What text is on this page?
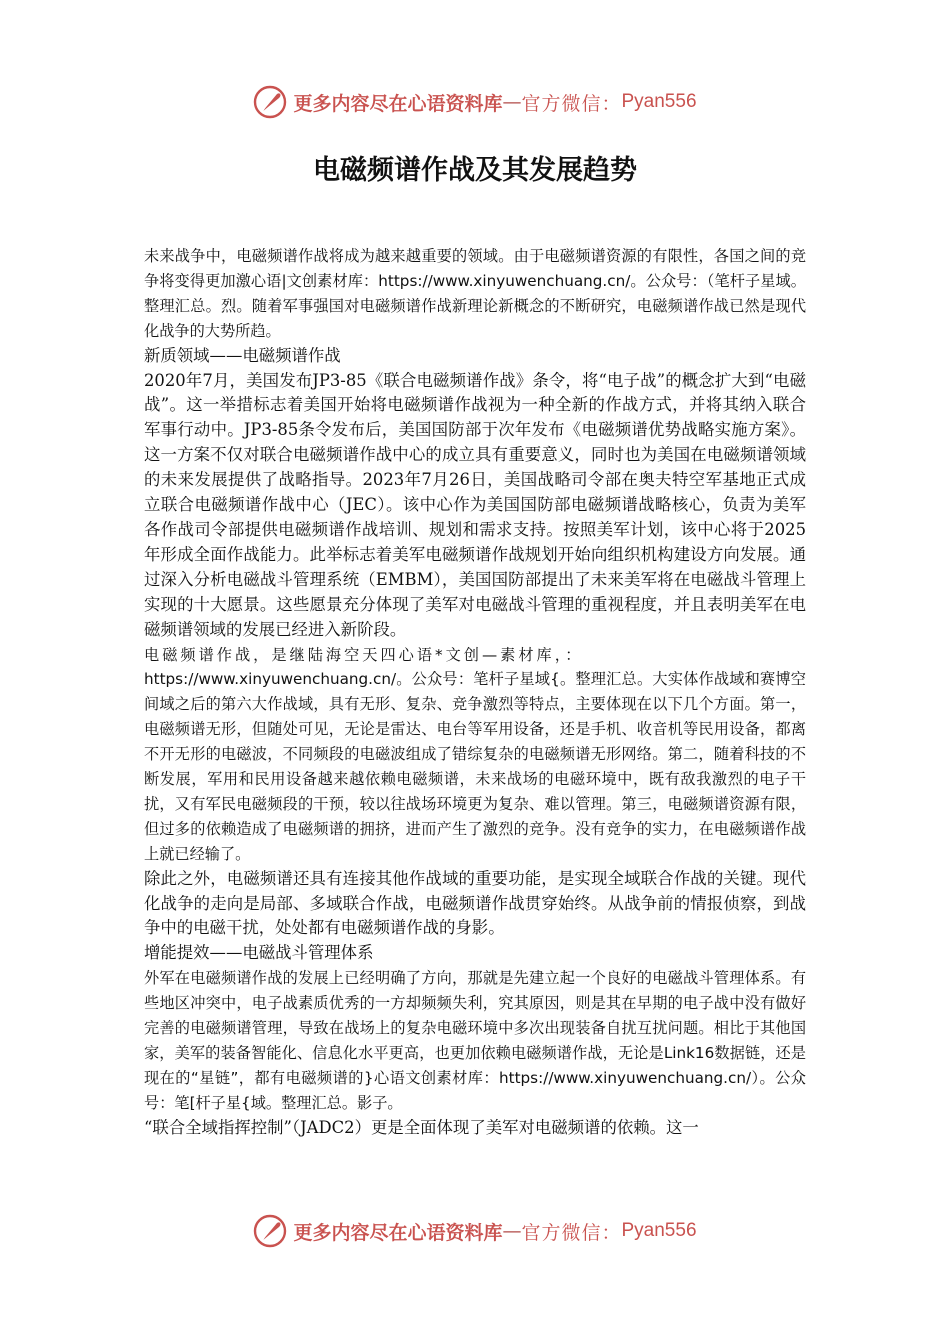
更多内容尽在心语资料库 — 官方微信： Pyan556
电磁频谱作战及其发展趋势

未来战争中，电磁频谱作战将成为越来越重要的领域。由于电磁频谱资源的有限性，各国之间的竞争将变得更加激心语|文创素材库：https://www.xinyuwenchuang.cn/。公众号：（笔杆子星域。整理汇总。烈。随着军事强国对电磁频谱作战新理论新概念的不断研究，电磁频谱作战已然是现代化战争的大势所趋。

新质领域——电磁频谱作战

2020年7月，美国发布JP3-85《联合电磁频谱作战》条令，将“电子战”的概念扩大到“电磁战”。这一举措标志着美国开始将电磁频谱作战视为一种全新的作战方式，并将其纳入联合军事行动中。JP3-85条令发布后，美国国防部于次年发布《电磁频谱优势战略实施方案》。这一方案不仅对联合电磁频谱作战中心的成立具有重要意义，同时也为美国在电磁频谱领域的未来发展提供了战略指导。2023年7月26日，美国战略司令部在奥夫特空军基地正式成立联合电磁频谱作战中心（JEC）。该中心作为美国国防部电磁频谱战略核心，负责为美军各作战司令部提供电磁频谱作战培训、规划和需求支持。按照美军计划，该中心将于2025年形成全面作战能力。此举标志着美军电磁频谱作战规划开始向组织机构建设方向发展。通过深入分析电磁战斗管理系统（EMBM），美国国防部提出了未来美军将在电磁战斗管理上实现的十大愿景。这些愿景充分体现了美军对电磁战斗管理的重视程度，并且表明美军在电磁频谱领域的发展已经进入新阶段。

电磁频谱作战，是继陆海空天四心语*文创—素材库，：

https://www.xinyuwenchuang.cn/。公众号：笔杆子星域{。整理汇总。大实体作战域和赛博空间域之后的第六大作战域，具有无形、复杂、竞争激烈等特点，主要体现在以下几个方面。第一，电磁频谱无形，但随处可见，无论是雷达、电台等军用设备，还是手机、收音机等民用设备，都离不开无形的电磁波，不同频段的电磁波组成了错综复杂的电磁频谱无形网络。第二，随着科技的不断发展，军用和民用设备越来越依赖电磁频谱，未来战场的电磁环境中，既有敌我激烈的电子干扰，又有军民电磁频段的干预，较以往战场环境更为复杂、难以管理。第三，电磁频谱资源有限，但过多的依赖造成了电磁频谱的拥挤，进而产生了激烈的竞争。没有竞争的实力，在电磁频谱作战上就已经输了。

除此之外，电磁频谱还具有连接其他作战域的重要功能，是实现全域联合作战的关键。现代化战争的走向是局部、多域联合作战，电磁频谱作战贯穿始终。从战争前的情报侦察，到战争中的电磁干扰，处处都有电磁频谱作战的身影。

增能提效——电磁战斗管理体系

外军在电磁频谱作战的发展上已经明确了方向，那就是先建立起一个良好的电磁战斗管理体系。有些地区冲突中，电子战素质优秀的一方却频频失利，究其原因，则是其在早期的电子战中没有做好完善的电磁频谱管理，导致在战场上的复杂电磁环境中多次出现装备自扰互扰问题。相比于其他国家，美军的装备智能化、信息化水平更高，也更加依赖电磁频谱作战，无论是Link16数据链，还是现在的“星链”，都有电磁频谱的}心语文创素材库：https://www.xinyuwenchuang.cn/）。公众号：笔[杆子星{域。整理汇总。影子。

“联合全域指挥控制”（JADC2）更是全面体现了美军对电磁频谱的依赖。这一

更多内容尽在心语资料库 — 官方微信： Pyan556
